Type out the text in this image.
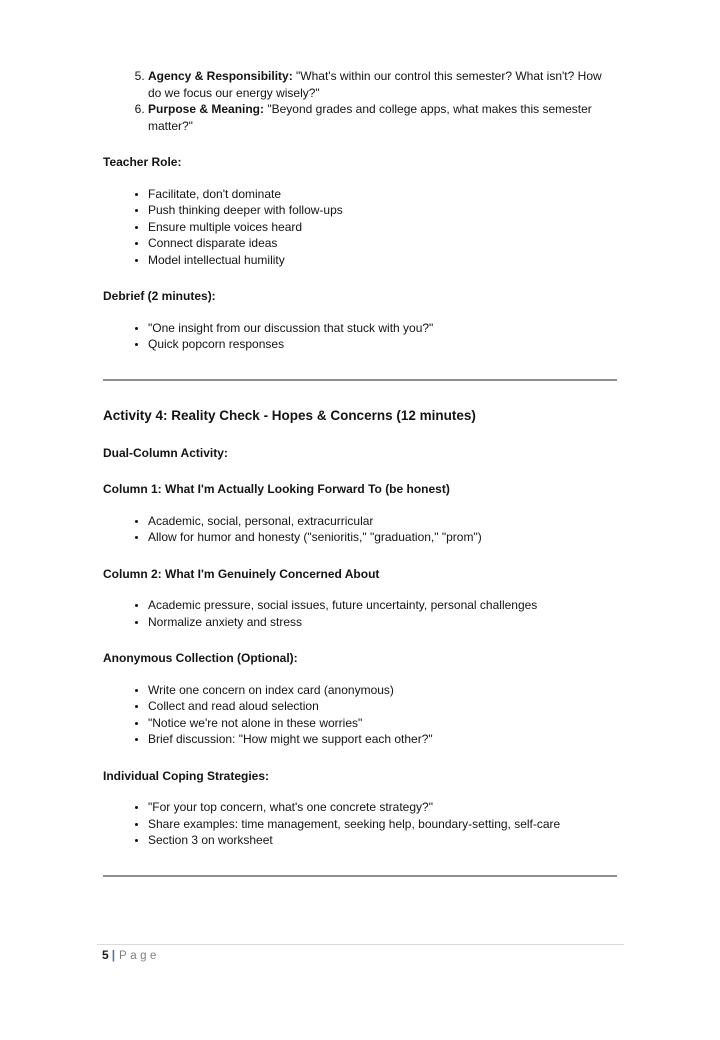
5. Agency & Responsibility: "What's within our control this semester? What isn't? How do we focus our energy wisely?"
6. Purpose & Meaning: "Beyond grades and college apps, what makes this semester matter?"

Teacher Role:

• Facilitate, don't dominate
• Push thinking deeper with follow-ups
• Ensure multiple voices heard
• Connect disparate ideas
• Model intellectual humility

Debrief (2 minutes):

• "One insight from our discussion that stuck with you?"
• Quick popcorn responses

Activity 4: Reality Check - Hopes & Concerns (12 minutes)

Dual-Column Activity:

Column 1: What I'm Actually Looking Forward To (be honest)

• Academic, social, personal, extracurricular
• Allow for humor and honesty ("senioritis," "graduation," "prom")

Column 2: What I'm Genuinely Concerned About

• Academic pressure, social issues, future uncertainty, personal challenges
• Normalize anxiety and stress

Anonymous Collection (Optional):

• Write one concern on index card (anonymous)
• Collect and read aloud selection
• "Notice we're not alone in these worries"
• Brief discussion: "How might we support each other?"

Individual Coping Strategies:

• "For your top concern, what's one concrete strategy?"
• Share examples: time management, seeking help, boundary-setting, self-care
• Section 3 on worksheet
5 | Page
